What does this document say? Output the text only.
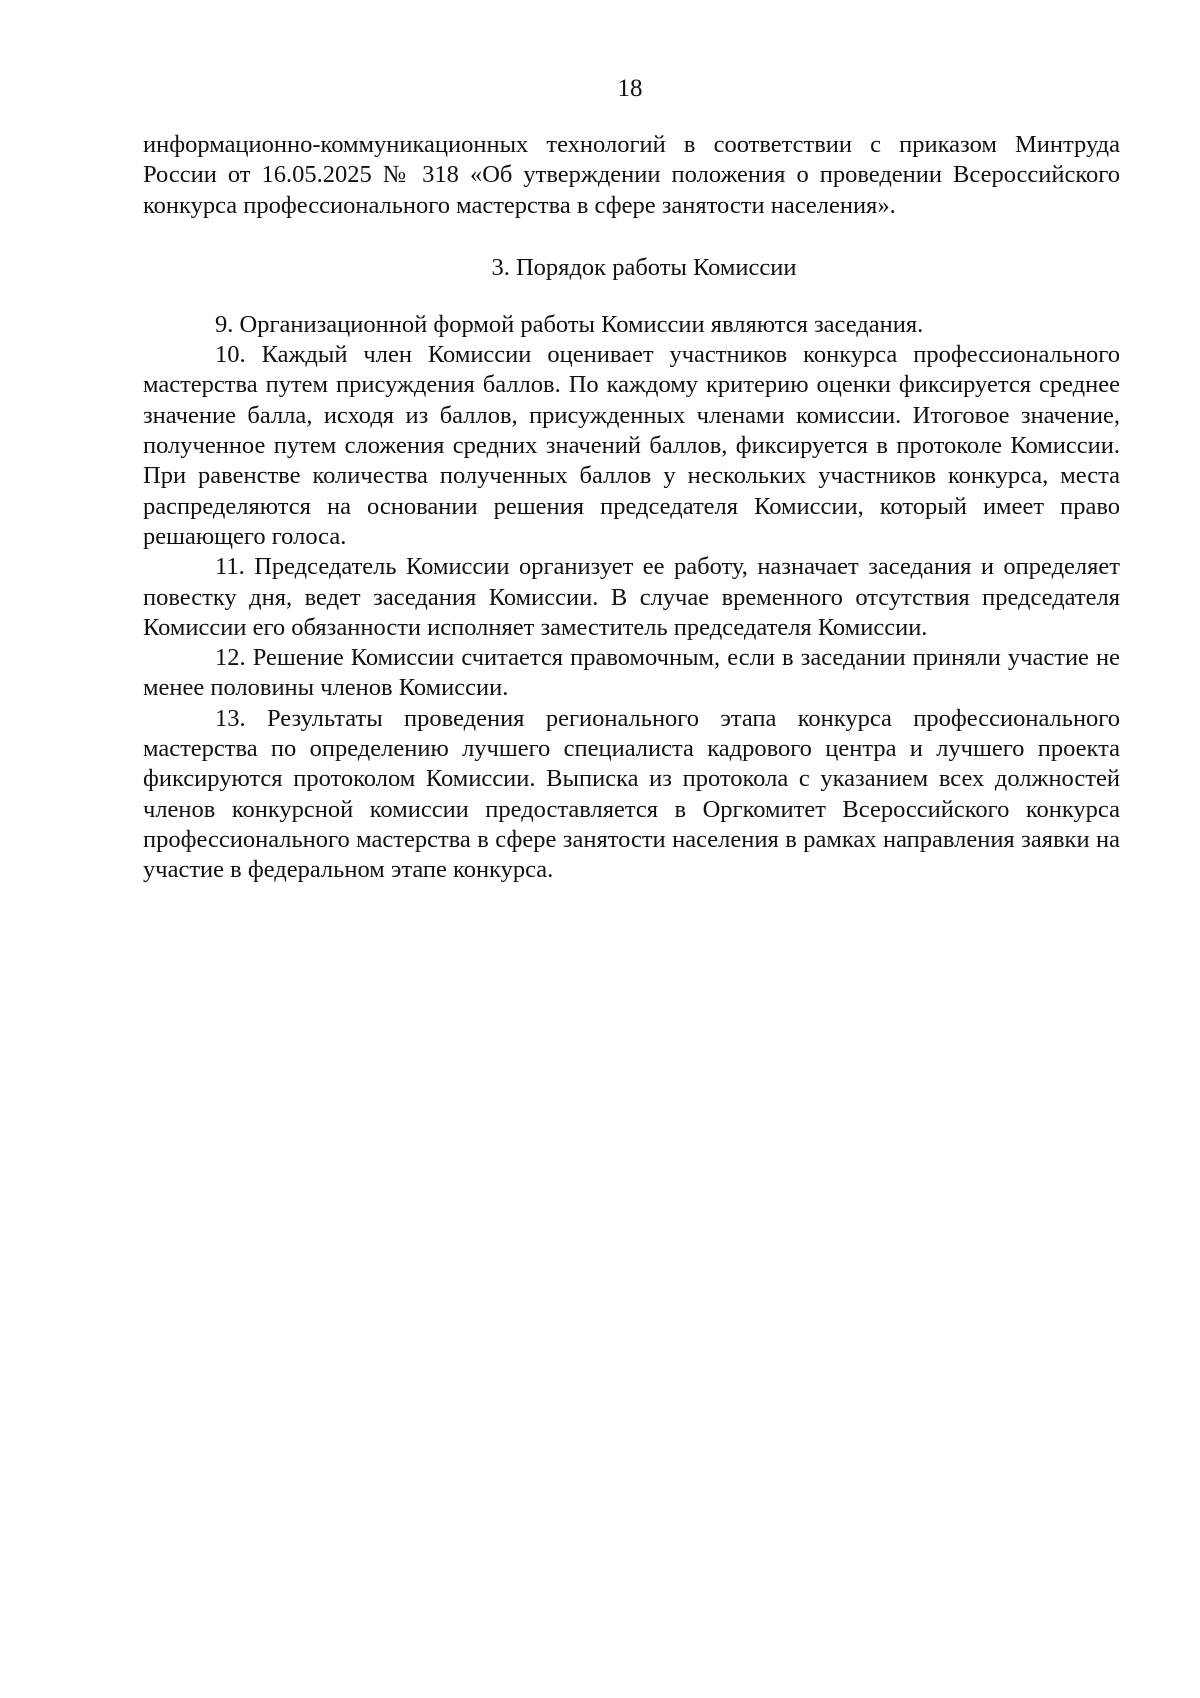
18

информационно-коммуникационных технологий в соответствии с приказом Минтруда России от 16.05.2025 № 318 «Об утверждении положения о проведении Всероссийского конкурса профессионального мастерства в сфере занятости населения».

3. Порядок работы Комиссии

9. Организационной формой работы Комиссии являются заседания.

10. Каждый член Комиссии оценивает участников конкурса профессионального мастерства путем присуждения баллов. По каждому критерию оценки фиксируется среднее значение балла, исходя из баллов, присужденных членами комиссии. Итоговое значение, полученное путем сложения средних значений баллов, фиксируется в протоколе Комиссии. При равенстве количества полученных баллов у нескольких участников конкурса, места распределяются на основании решения председателя Комиссии, который имеет право решающего голоса.

11. Председатель Комиссии организует ее работу, назначает заседания и определяет повестку дня, ведет заседания Комиссии. В случае временного отсутствия председателя Комиссии его обязанности исполняет заместитель председателя Комиссии.

12. Решение Комиссии считается правомочным, если в заседании приняли участие не менее половины членов Комиссии.

13. Результаты проведения регионального этапа конкурса профессионального мастерства по определению лучшего специалиста кадрового центра и лучшего проекта фиксируются протоколом Комиссии. Выписка из протокола с указанием всех должностей членов конкурсной комиссии предоставляется в Оргкомитет Всероссийского конкурса профессионального мастерства в сфере занятости населения в рамках направления заявки на участие в федеральном этапе конкурса.
